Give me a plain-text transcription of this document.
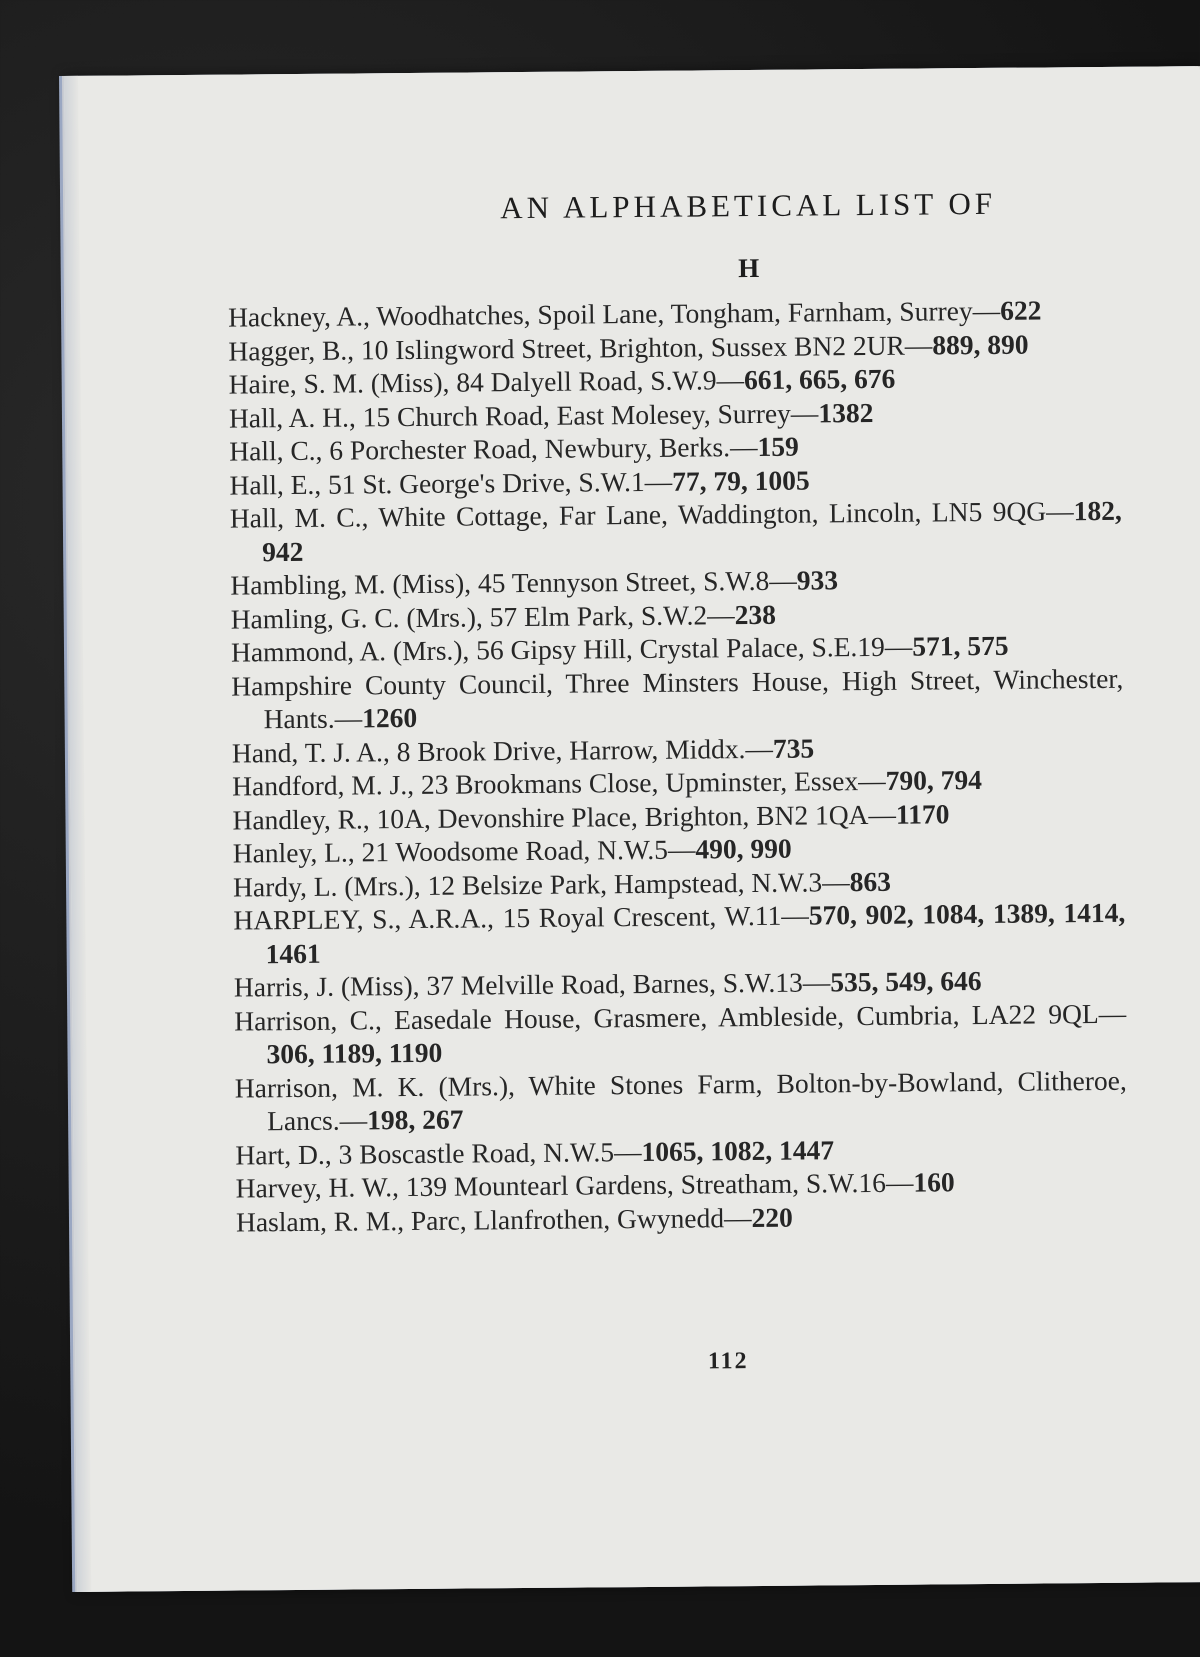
AN ALPHABETICAL LIST OF
H
Hackney, A., Woodhatches, Spoil Lane, Tongham, Farnham, Surrey—622
Hagger, B., 10 Islingword Street, Brighton, Sussex BN2 2UR—889, 890
Haire, S. M. (Miss), 84 Dalyell Road, S.W.9—661, 665, 676
Hall, A. H., 15 Church Road, East Molesey, Surrey—1382
Hall, C., 6 Porchester Road, Newbury, Berks.—159
Hall, E., 51 St. George's Drive, S.W.1—77, 79, 1005
Hall, M. C., White Cottage, Far Lane, Waddington, Lincoln, LN5 9QG—182, 942
Hambling, M. (Miss), 45 Tennyson Street, S.W.8—933
Hamling, G. C. (Mrs.), 57 Elm Park, S.W.2—238
Hammond, A. (Mrs.), 56 Gipsy Hill, Crystal Palace, S.E.19—571, 575
Hampshire County Council, Three Minsters House, High Street, Winchester, Hants.—1260
Hand, T. J. A., 8 Brook Drive, Harrow, Middx.—735
Handford, M. J., 23 Brookmans Close, Upminster, Essex—790, 794
Handley, R., 10A, Devonshire Place, Brighton, BN2 1QA—1170
Hanley, L., 21 Woodsome Road, N.W.5—490, 990
Hardy, L. (Mrs.), 12 Belsize Park, Hampstead, N.W.3—863
HARPLEY, S., A.R.A., 15 Royal Crescent, W.11—570, 902, 1084, 1389, 1414, 1461
Harris, J. (Miss), 37 Melville Road, Barnes, S.W.13—535, 549, 646
Harrison, C., Easedale House, Grasmere, Ambleside, Cumbria, LA22 9QL—306, 1189, 1190
Harrison, M. K. (Mrs.), White Stones Farm, Bolton-by-Bowland, Clitheroe, Lancs.—198, 267
Hart, D., 3 Boscastle Road, N.W.5—1065, 1082, 1447
Harvey, H. W., 139 Mountearl Gardens, Streatham, S.W.16—160
Haslam, R. M., Parc, Llanfrothen, Gwynedd—220
112
